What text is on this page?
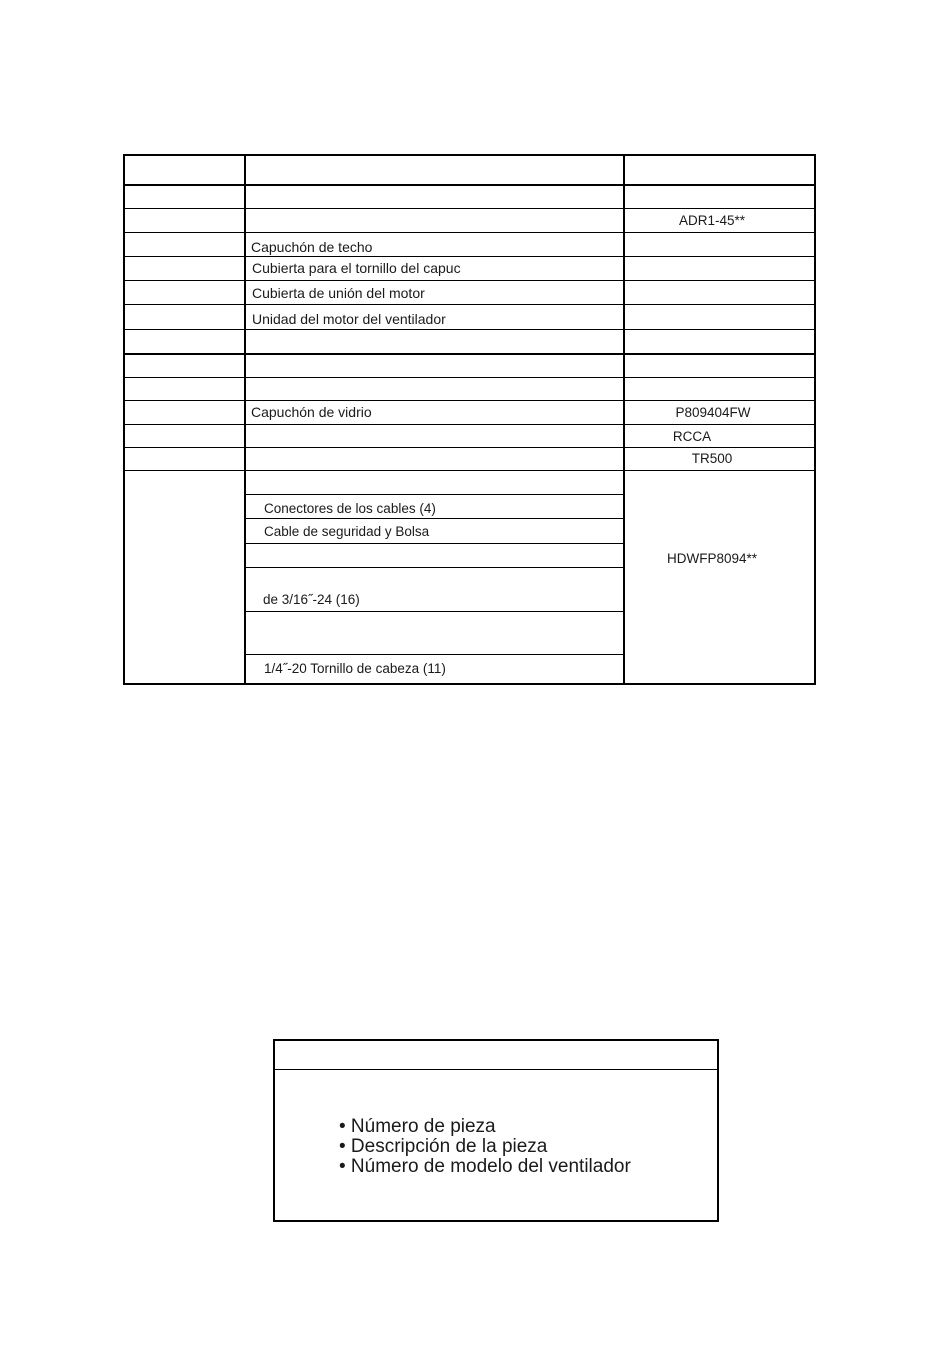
Capuchón de techo
Cubierta para el tornillo del capuc
Cubierta de unión del motor
Unidad del motor del ventilador
Capuchón de vidrio
ADR1-45**
P809404FW
RCCA
TR500
Conectores de los cables (4)
Cable de seguridad y Bolsa
de 3/16˝-24 (16)
1/4˝-20 Tornillo de cabeza (11)
HDWFP8094**
• Número de pieza
• Descripción de la pieza
• Número de modelo del ventilador
